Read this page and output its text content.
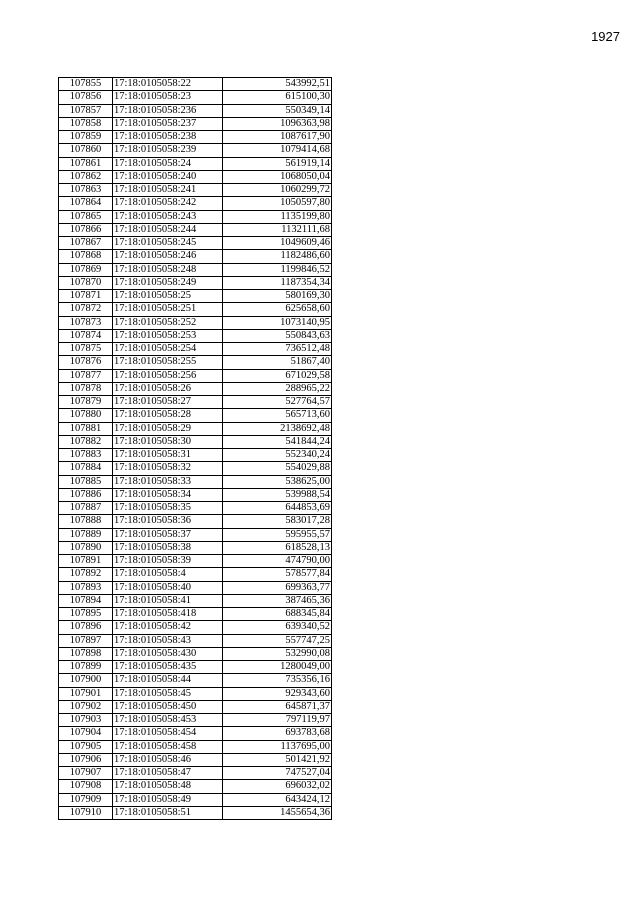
1927
107855	17:18:0105058:22	543992,51
107856	17:18:0105058:23	615100,30
107857	17:18:0105058:236	550349,14
107858	17:18:0105058:237	1096363,98
107859	17:18:0105058:238	1087617,90
107860	17:18:0105058:239	1079414,68
107861	17:18:0105058:24	561919,14
107862	17:18:0105058:240	1068050,04
107863	17:18:0105058:241	1060299,72
107864	17:18:0105058:242	1050597,80
107865	17:18:0105058:243	1135199,80
107866	17:18:0105058:244	1132111,68
107867	17:18:0105058:245	1049609,46
107868	17:18:0105058:246	1182486,60
107869	17:18:0105058:248	1199846,52
107870	17:18:0105058:249	1187354,34
107871	17:18:0105058:25	580169,30
107872	17:18:0105058:251	625658,60
107873	17:18:0105058:252	1073140,95
107874	17:18:0105058:253	550843,63
107875	17:18:0105058:254	736512,48
107876	17:18:0105058:255	51867,40
107877	17:18:0105058:256	671029,58
107878	17:18:0105058:26	288965,22
107879	17:18:0105058:27	527764,57
107880	17:18:0105058:28	565713,60
107881	17:18:0105058:29	2138692,48
107882	17:18:0105058:30	541844,24
107883	17:18:0105058:31	552340,24
107884	17:18:0105058:32	554029,88
107885	17:18:0105058:33	538625,00
107886	17:18:0105058:34	539988,54
107887	17:18:0105058:35	644853,69
107888	17:18:0105058:36	583017,28
107889	17:18:0105058:37	595955,57
107890	17:18:0105058:38	618528,13
107891	17:18:0105058:39	474790,00
107892	17:18:0105058:4	578577,84
107893	17:18:0105058:40	699363,77
107894	17:18:0105058:41	387465,36
107895	17:18:0105058:418	688345,84
107896	17:18:0105058:42	639340,52
107897	17:18:0105058:43	557747,25
107898	17:18:0105058:430	532990,08
107899	17:18:0105058:435	1280049,00
107900	17:18:0105058:44	735356,16
107901	17:18:0105058:45	929343,60
107902	17:18:0105058:450	645871,37
107903	17:18:0105058:453	797119,97
107904	17:18:0105058:454	693783,68
107905	17:18:0105058:458	1137695,00
107906	17:18:0105058:46	501421,92
107907	17:18:0105058:47	747527,04
107908	17:18:0105058:48	696032,02
107909	17:18:0105058:49	643424,12
107910	17:18:0105058:51	1455654,36
